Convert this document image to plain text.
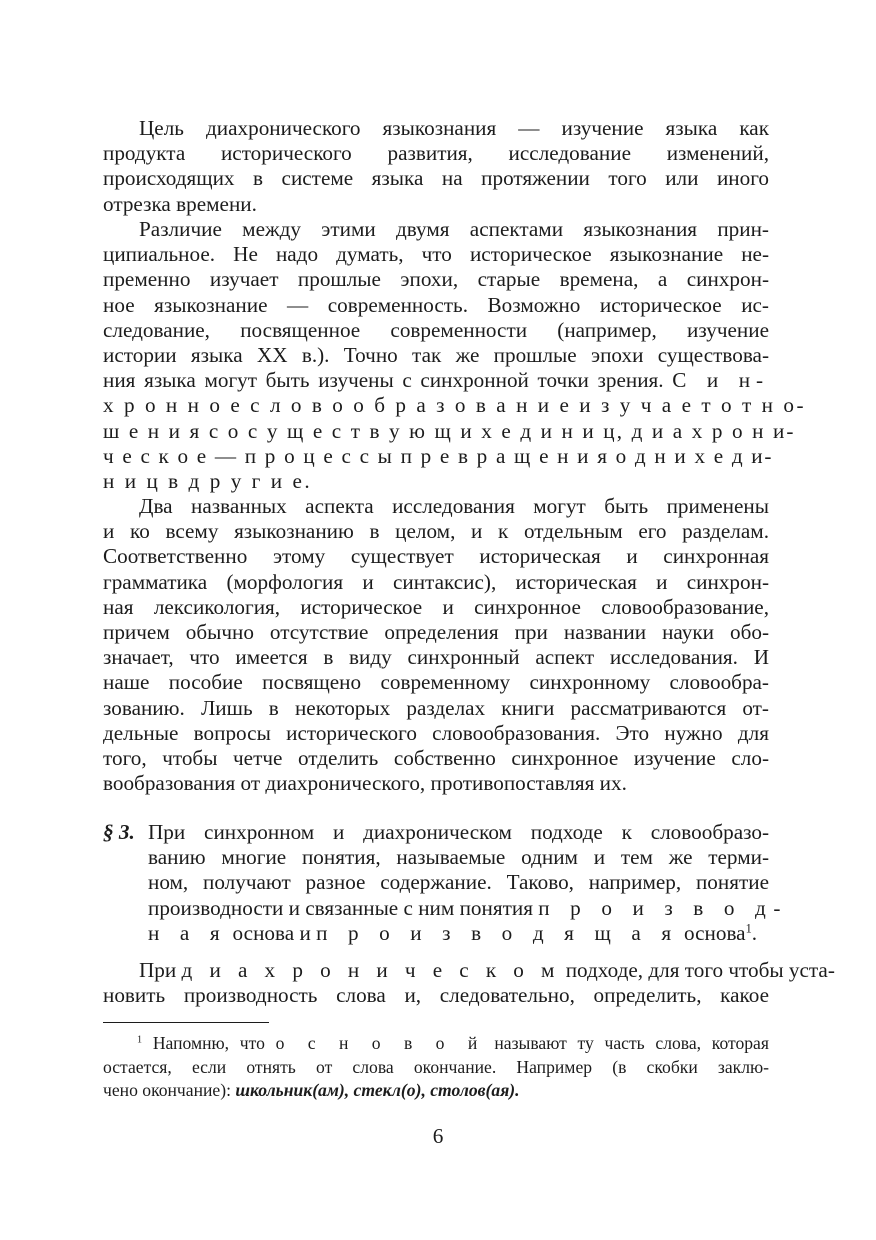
Цель диахронического языкознания — изучение языка как
продукта исторического развития, исследование изменений,
происходящих в системе языка на протяжении того или иного
отрезка времени.
Различие между этими двумя аспектами языкознания прин-
ципиальное. Не надо думать, что историческое языкознание не-
пременно изучает прошлые эпохи, старые времена, а синхрон-
ное языкознание — современность. Возможно историческое ис-
следование, посвященное современности (например, изучение
истории языка XX в.). Точно так же прошлые эпохи существова-
ния языка могут быть изучены с синхронной точки зрения. С и н-
х р о н н о е с л о в о о б р а з о в а н и е и з у ч а е т о т н о-
ш е н и я с о с у щ е с т в у ю щ и х е д и н и ц, д и а х р о н и-
ч е с к о е — п р о ц е с с ы п р е в р а щ е н и я о д н и х е д и-
н и ц в д р у г и е.
Два названных аспекта исследования могут быть применены
и ко всему языкознанию в целом, и к отдельным его разделам.
Соответственно этому существует историческая и синхронная
грамматика (морфология и синтаксис), историческая и синхрон-
ная лексикология, историческое и синхронное словообразование,
причем обычно отсутствие определения при названии науки обо-
значает, что имеется в виду синхронный аспект исследования. И
наше пособие посвящено современному синхронному словообра-
зованию. Лишь в некоторых разделах книги рассматриваются от-
дельные вопросы исторического словообразования. Это нужно для
того, чтобы четче отделить собственно синхронное изучение сло-
вообразования от диахронического, противопоставляя их.
§ 3. При синхронном и диахроническом подходе к словообразо-
ванию многие понятия, называемые одним и тем же терми-
ном, получают разное содержание. Таково, например, понятие
производности и связанные с ним понятия п р о и з в о д-
н а я основа и п р о и з в о д я щ а я основа$^1$.
При д и а х р о н и ч е с к о м подходе, для того чтобы уста-
новить производность слова и, следовательно, определить, какое
$^1$ Напомню, что о с н о в о й называют ту часть слова, которая
остается, если отнять от слова окончание. Например (в скобки заклю-
чено окончание): школьник(ам), стекл(о), столов(ая).
6
